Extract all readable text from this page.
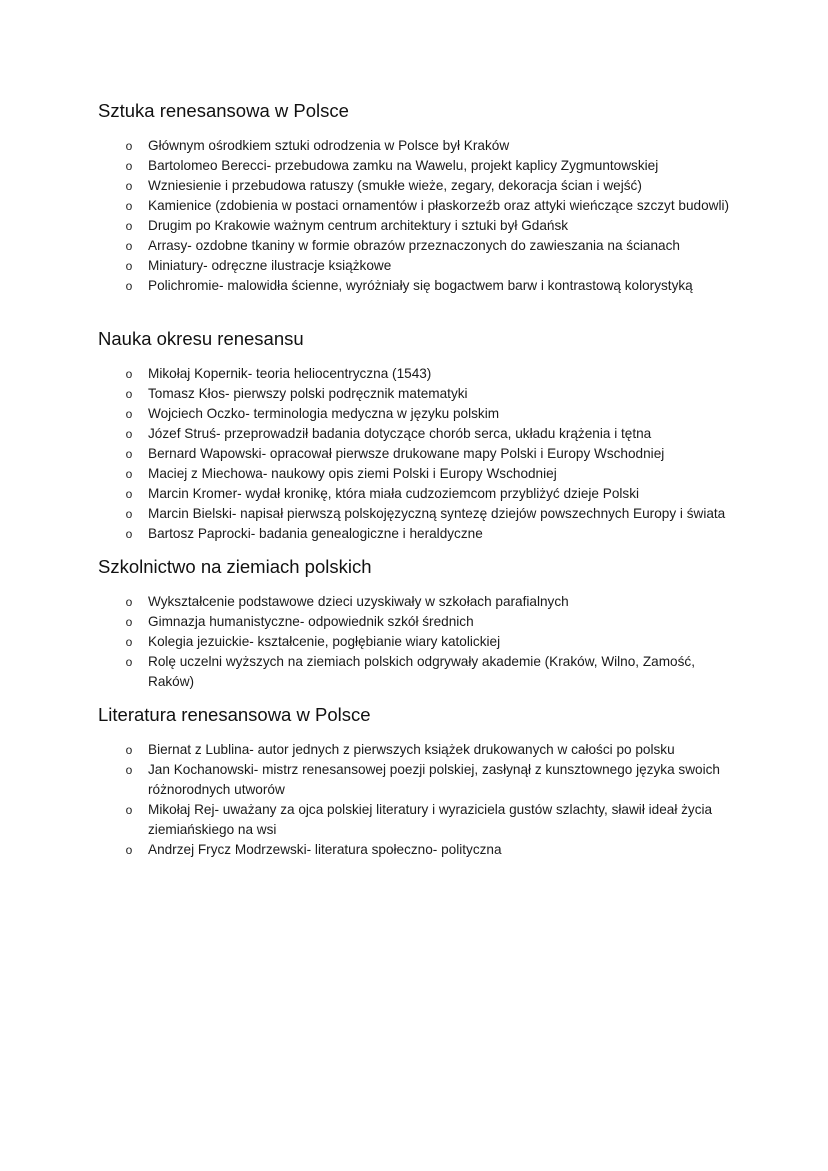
Sztuka renesansowa w Polsce
o Głównym ośrodkiem sztuki odrodzenia w Polsce był Kraków
o Bartolomeo Berecci- przebudowa zamku na Wawelu, projekt kaplicy Zygmuntowskiej
o Wzniesienie i przebudowa ratuszy (smukłe wieże, zegary, dekoracja ścian i wejść)
o Kamienice (zdobienia w postaci ornamentów i płaskorzeźb oraz attyki wieńczące szczyt budowli)
o Drugim po Krakowie ważnym centrum architektury i sztuki był Gdańsk
o Arrasy- ozdobne tkaniny w formie obrazów przeznaczonych do zawieszania na ścianach
o Miniatury- odręczne ilustracje książkowe
o Polichromie- malowidła ścienne, wyróżniały się bogactwem barw i kontrastową kolorystyką
Nauka okresu renesansu
o Mikołaj Kopernik- teoria heliocentryczna (1543)
o Tomasz Kłos- pierwszy polski podręcznik matematyki
o Wojciech Oczko- terminologia medyczna w języku polskim
o Józef Struś- przeprowadził badania dotyczące chorób serca, układu krążenia i tętna
o Bernard Wapowski- opracował pierwsze drukowane mapy Polski i Europy Wschodniej
o Maciej z Miechowa- naukowy opis ziemi Polski i Europy Wschodniej
o Marcin Kromer- wydał kronikę, która miała cudzoziemcom przybliżyć dzieje Polski
o Marcin Bielski- napisał pierwszą polskojęzyczną syntezę dziejów powszechnych Europy i świata
o Bartosz Paprocki- badania genealogiczne i heraldyczne
Szkolnictwo na ziemiach polskich
o Wykształcenie podstawowe dzieci uzyskiwały w szkołach parafialnych
o Gimnazja humanistyczne- odpowiednik szkół średnich
o Kolegia jezuickie- kształcenie, pogłębianie wiary katolickiej
o Rolę uczelni wyższych na ziemiach polskich odgrywały akademie (Kraków, Wilno, Zamość, Raków)
Literatura renesansowa w Polsce
o Biernat z Lublina- autor jednych z pierwszych książek drukowanych w całości po polsku
o Jan Kochanowski- mistrz renesansowej poezji polskiej, zasłynął z kunsztownego języka swoich różnorodnych utworów
o Mikołaj Rej- uważany za ojca polskiej literatury i wyraziciela gustów szlachty, sławił ideał życia ziemiańskiego na wsi
o Andrzej Frycz Modrzewski- literatura społeczno- polityczna
